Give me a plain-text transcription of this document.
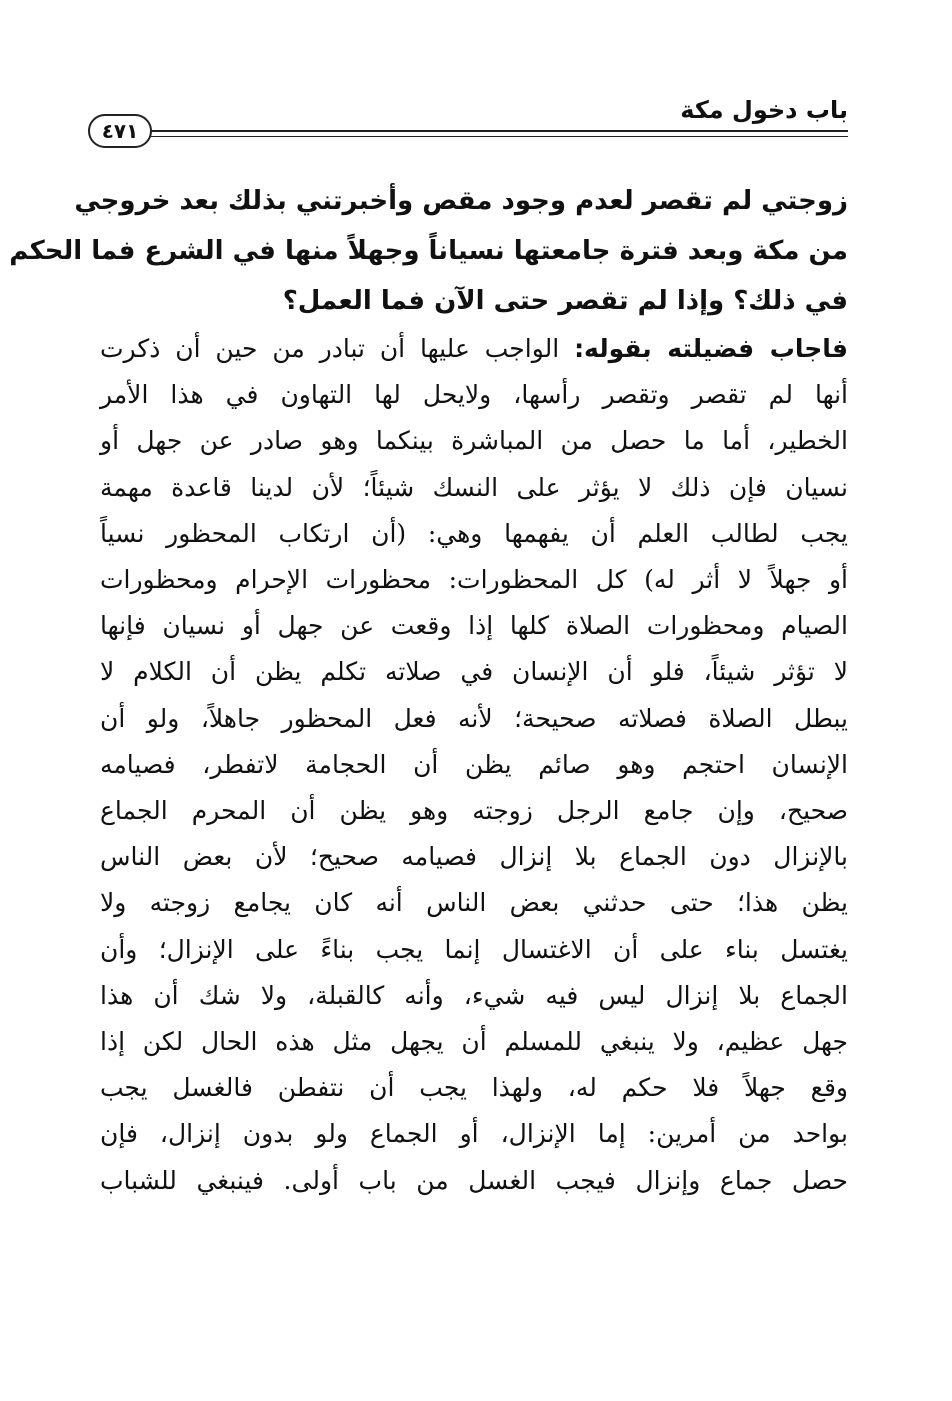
باب دخول مكة
٤٧١
زوجتي لم تقصر لعدم وجود مقص وأخبرتني بذلك بعد خروجي
من مكة وبعد فترة جامعتها نسياناً وجهلاً منها في الشرع فما الحكم
في ذلك؟ وإذا لم تقصر حتى الآن فما العمل؟
فاجاب فضيلته بقوله: الواجب عليها أن تبادر من حين أن ذكرت
أنها لم تقصر وتقصر رأسها، ولايحل لها التهاون في هذا الأمر
الخطير، أما ما حصل من المباشرة بينكما وهو صادر عن جهل أو
نسيان فإن ذلك لا يؤثر على النسك شيئاً؛ لأن لدينا قاعدة مهمة
يجب لطالب العلم أن يفهمها وهي: (أن ارتكاب المحظور نسياً
أو جهلاً لا أثر له) كل المحظورات: محظورات الإحرام ومحظورات
الصيام ومحظورات الصلاة كلها إذا وقعت عن جهل أو نسيان فإنها
لا تؤثر شيئاً، فلو أن الإنسان في صلاته تكلم يظن أن الكلام لا
يبطل الصلاة فصلاته صحيحة؛ لأنه فعل المحظور جاهلاً، ولو أن
الإنسان احتجم وهو صائم يظن أن الحجامة لاتفطر، فصيامه
صحيح، وإن جامع الرجل زوجته وهو يظن أن المحرم الجماع
بالإنزال دون الجماع بلا إنزال فصيامه صحيح؛ لأن بعض الناس
يظن هذا؛ حتى حدثني بعض الناس أنه كان يجامع زوجته ولا
يغتسل بناء على أن الاغتسال إنما يجب بناءً على الإنزال؛ وأن
الجماع بلا إنزال ليس فيه شيء، وأنه كالقبلة، ولا شك أن هذا
جهل عظيم، ولا ينبغي للمسلم أن يجهل مثل هذه الحال لكن إذا
وقع جهلاً فلا حكم له، ولهذا يجب أن نتفطن فالغسل يجب
بواحد من أمرين: إما الإنزال، أو الجماع ولو بدون إنزال، فإن
حصل جماع وإنزال فيجب الغسل من باب أولى. فينبغي للشباب
